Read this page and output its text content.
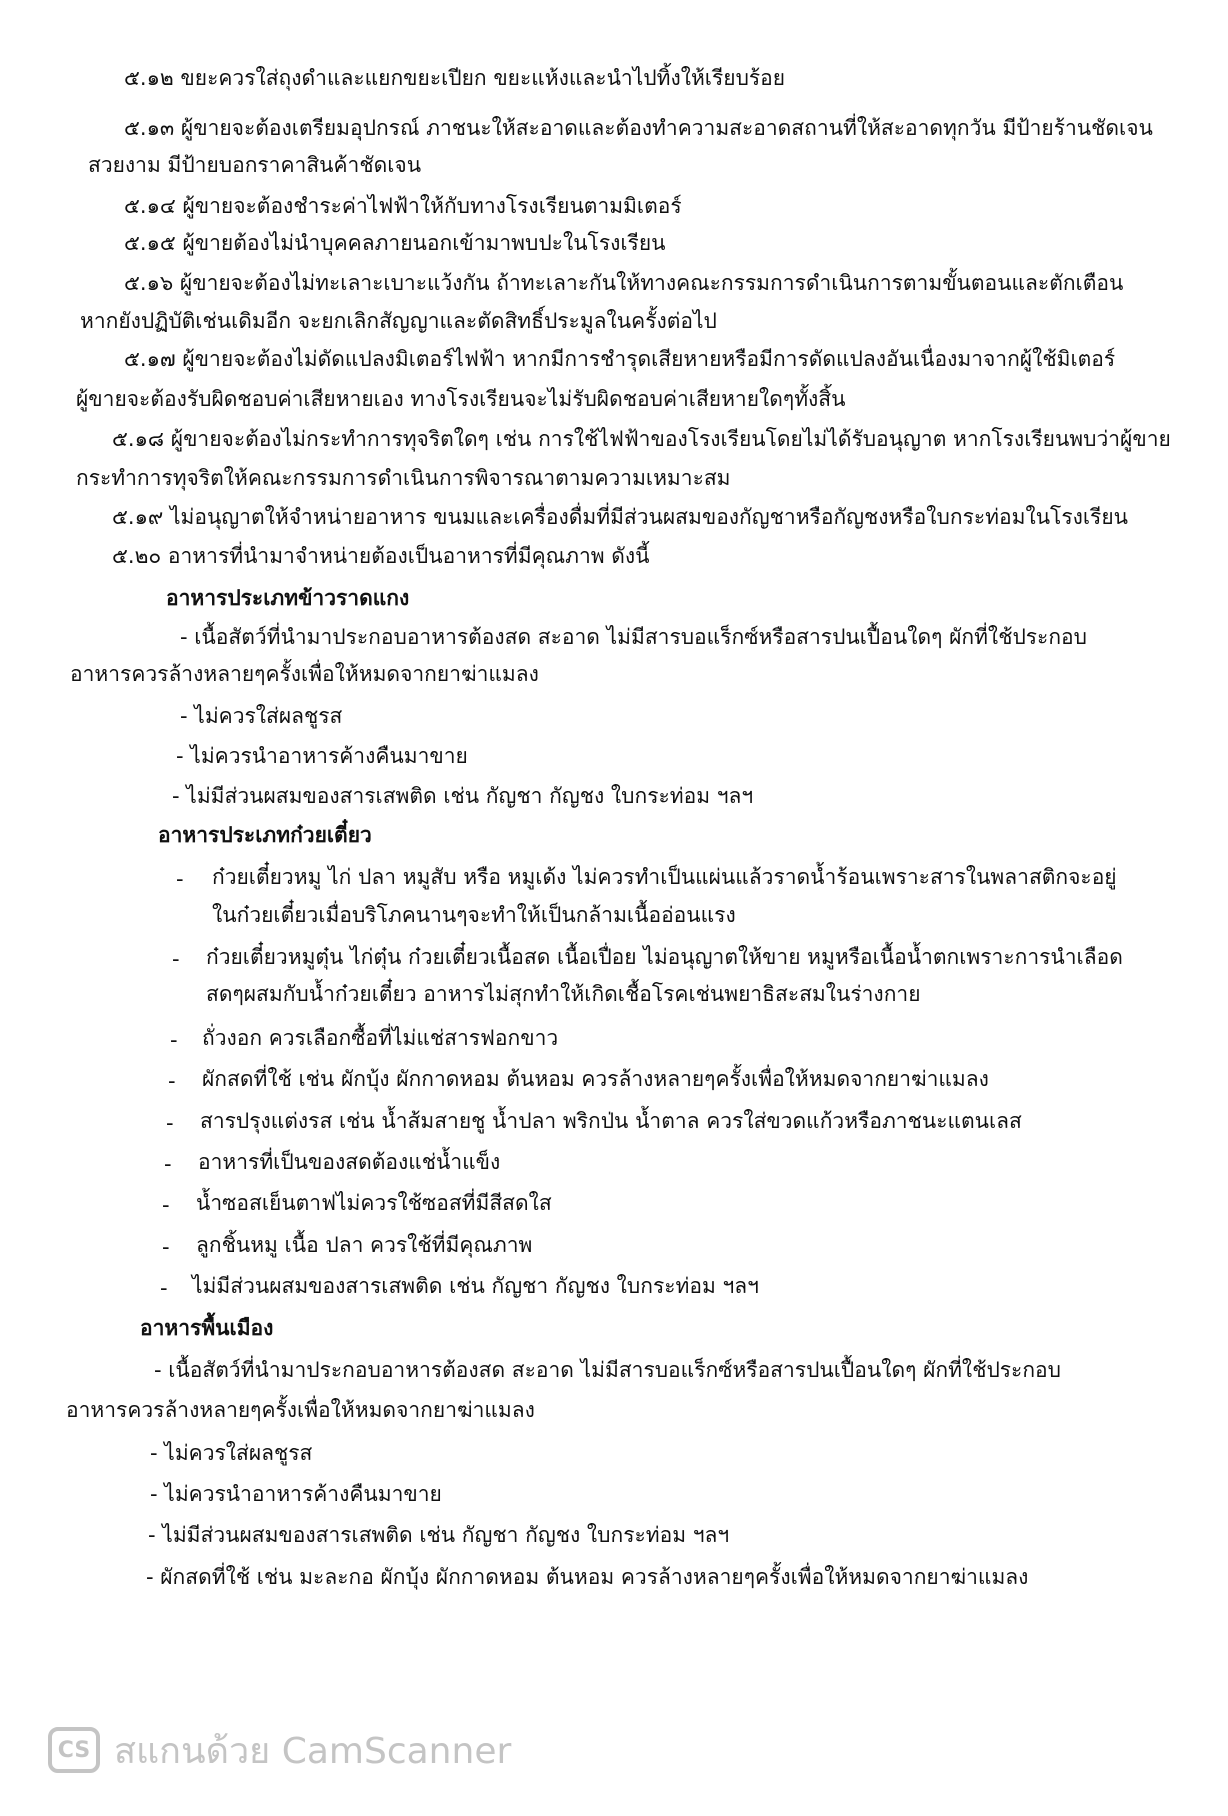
๕.๑๒ ขยะควรใส่ถุงดำและแยกขยะเปียก ขยะแห้งและนำไปทิ้งให้เรียบร้อย
๕.๑๓ ผู้ขายจะต้องเตรียมอุปกรณ์ ภาชนะให้สะอาดและต้องทำความสะอาดสถานที่ให้สะอาดทุกวัน มีป้ายร้านชัดเจน
สวยงาม มีป้ายบอกราคาสินค้าชัดเจน
๕.๑๔ ผู้ขายจะต้องชำระค่าไฟฟ้าให้กับทางโรงเรียนตามมิเตอร์
๕.๑๕ ผู้ขายต้องไม่นำบุคคลภายนอกเข้ามาพบปะในโรงเรียน
๕.๑๖ ผู้ขายจะต้องไม่ทะเลาะเบาะแว้งกัน ถ้าทะเลาะกันให้ทางคณะกรรมการดำเนินการตามขั้นตอนและตักเตือน
หากยังปฏิบัติเช่นเดิมอีก จะยกเลิกสัญญาและตัดสิทธิ์ประมูลในครั้งต่อไป
๕.๑๗ ผู้ขายจะต้องไม่ดัดแปลงมิเตอร์ไฟฟ้า หากมีการชำรุดเสียหายหรือมีการดัดแปลงอันเนื่องมาจากผู้ใช้มิเตอร์
ผู้ขายจะต้องรับผิดชอบค่าเสียหายเอง ทางโรงเรียนจะไม่รับผิดชอบค่าเสียหายใดๆทั้งสิ้น
๕.๑๘ ผู้ขายจะต้องไม่กระทำการทุจริตใดๆ เช่น การใช้ไฟฟ้าของโรงเรียนโดยไม่ได้รับอนุญาต หากโรงเรียนพบว่าผู้ขาย
กระทำการทุจริตให้คณะกรรมการดำเนินการพิจารณาตามความเหมาะสม
๕.๑๙ ไม่อนุญาตให้จำหน่ายอาหาร ขนมและเครื่องดื่มที่มีส่วนผสมของกัญชาหรือกัญชงหรือใบกระท่อมในโรงเรียน
๕.๒๐ อาหารที่นำมาจำหน่ายต้องเป็นอาหารที่มีคุณภาพ ดังนี้
อาหารประเภทข้าวราดแกง
- เนื้อสัตว์ที่นำมาประกอบอาหารต้องสด สะอาด ไม่มีสารบอแร็กซ์หรือสารปนเปื้อนใดๆ ผักที่ใช้ประกอบ
อาหารควรล้างหลายๆครั้งเพื่อให้หมดจากยาฆ่าแมลง
- ไม่ควรใส่ผลชูรส
- ไม่ควรนำอาหารค้างคืนมาขาย
- ไม่มีส่วนผสมของสารเสพติด เช่น กัญชา กัญชง ใบกระท่อม ฯลฯ
อาหารประเภทก๋วยเตี๋ยว
- ก๋วยเตี๋ยวหมู ไก่ ปลา หมูสับ หรือ หมูเด้ง ไม่ควรทำเป็นแผ่นแล้วราดน้ำร้อนเพราะสารในพลาสติกจะอยู่
ในก๋วยเตี๋ยวเมื่อบริโภคนานๆจะทำให้เป็นกล้ามเนื้ออ่อนแรง
- ก๋วยเตี๋ยวหมูตุ๋น ไก่ตุ๋น ก๋วยเตี๋ยวเนื้อสด เนื้อเปื่อย ไม่อนุญาตให้ขาย หมูหรือเนื้อน้ำตกเพราะการนำเลือด
สดๆผสมกับน้ำก๋วยเตี๋ยว อาหารไม่สุกทำให้เกิดเชื้อโรคเช่นพยาธิสะสมในร่างกาย
- ถั่วงอก ควรเลือกซื้อที่ไม่แช่สารฟอกขาว
- ผักสดที่ใช้ เช่น ผักบุ้ง ผักกาดหอม ต้นหอม ควรล้างหลายๆครั้งเพื่อให้หมดจากยาฆ่าแมลง
- สารปรุงแต่งรส เช่น น้ำส้มสายชู น้ำปลา พริกป่น น้ำตาล ควรใส่ขวดแก้วหรือภาชนะแตนเลส
- อาหารที่เป็นของสดต้องแช่น้ำแข็ง
- น้ำซอสเย็นตาฟไม่ควรใช้ซอสที่มีสีสดใส
- ลูกชิ้นหมู เนื้อ ปลา ควรใช้ที่มีคุณภาพ
- ไม่มีส่วนผสมของสารเสพติด เช่น กัญชา กัญชง ใบกระท่อม ฯลฯ
อาหารพื้นเมือง
- เนื้อสัตว์ที่นำมาประกอบอาหารต้องสด สะอาด ไม่มีสารบอแร็กซ์หรือสารปนเปื้อนใดๆ ผักที่ใช้ประกอบ
อาหารควรล้างหลายๆครั้งเพื่อให้หมดจากยาฆ่าแมลง
- ไม่ควรใส่ผลชูรส
- ไม่ควรนำอาหารค้างคืนมาขาย
- ไม่มีส่วนผสมของสารเสพติด เช่น กัญชา กัญชง ใบกระท่อม ฯลฯ
- ผักสดที่ใช้ เช่น มะละกอ ผักบุ้ง ผักกาดหอม ต้นหอม ควรล้างหลายๆครั้งเพื่อให้หมดจากยาฆ่าแมลง
CS สแกนด้วย CamScanner
